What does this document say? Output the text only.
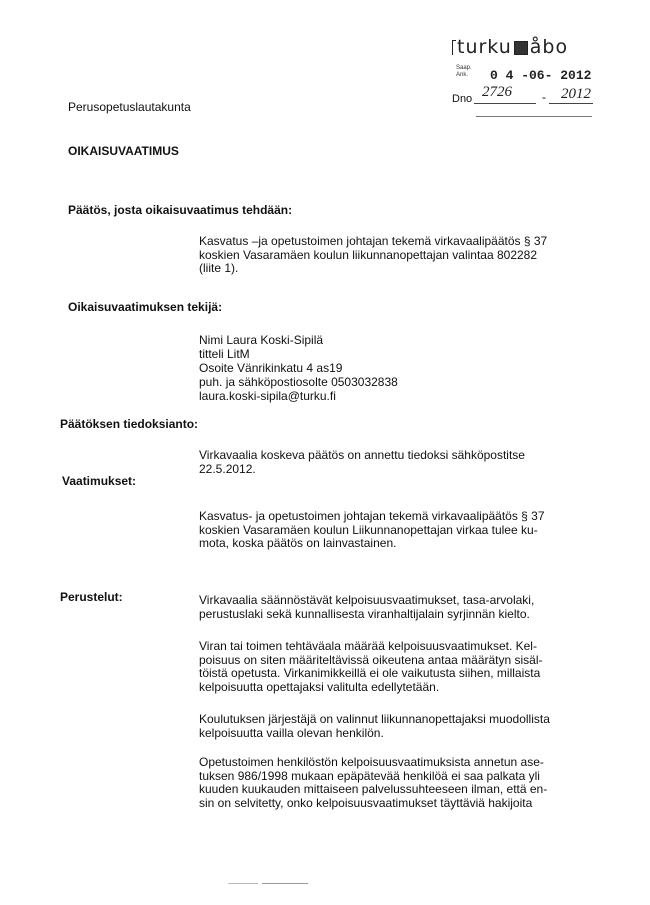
turku åbo
Saap.
Ank. 0 4 -06- 2012
Dno 2726	- 2012
Perusopetuslautakunta
OIKAISUVAATIMUS
Päätös, josta oikaisuvaatimus tehdään:
Kasvatus –ja opetustoimen johtajan tekemä virkavaalipäätös § 37
koskien Vasaramäen koulun liikunnanopettajan valintaa 802282
(liite 1).
Oikaisuvaatimuksen tekijä:
Nimi Laura Koski-Sipilä
titteli LitM
Osoite Vänrikinkatu 4 as19
puh. ja sähköpostiosolte 0503032838
laura.koski-sipila@turku.fi
Päätöksen tiedoksianto:
Virkavaalia koskeva päätös on annettu tiedoksi sähköpostitse
22.5.2012.
Vaatimukset:
Kasvatus- ja opetustoimen johtajan tekemä virkavaalipäätös § 37
koskien Vasaramäen koulun Liikunnanopettajan virkaa tulee ku-
mota, koska päätös on lainvastainen.
Perustelut:	Virkavaalia säännöstävät kelpoisuusvaatimukset, tasa-arvolaki,
perustuslaki sekä kunnallisesta viranhaltijalain syrjinnän kielto.
Viran tai toimen tehtäväala määrää kelpoisuusvaatimukset. Kel-
poisuus on siten määriteltävissä oikeutena antaa määrätyn sisäl-
töistä opetusta. Virkanimikkeillä ei ole vaikutusta siihen, millaista
kelpoisuutta opettajaksi valitulta edellytetään.
Koulutuksen järjestäjä on valinnut liikunnanopettajaksi muodollista
kelpoisuutta vailla olevan henkilön.
Opetustoimen henkilöstön kelpoisuusvaatimuksista annetun ase-
tuksen 986/1998 mukaan epäpätevää henkilöä ei saa palkata yli
kuuden kuukauden mittaiseen palvelussuhteeseen ilman, että en-
sin on selvitetty, onko kelpoisuusvaatimukset täyttäviä hakijoita
